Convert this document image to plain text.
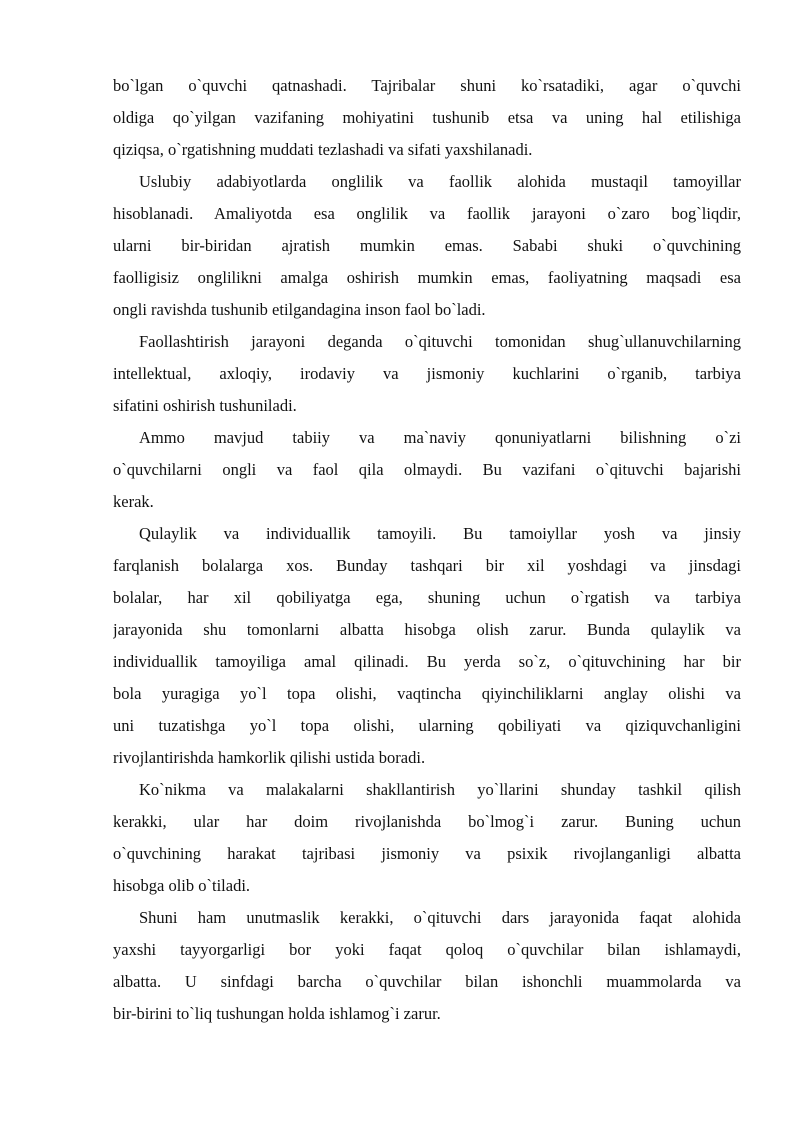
bo`lgan o`quvchi qatnashadi. Tajribalar shuni ko`rsatadiki, agar o`quvchi
oldiga qo`yilgan vazifaning mohiyatini tushunib etsa va uning hal etilishiga
qiziqsa, o`rgatishning muddati tezlashadi va sifati yaxshilanadi.
Uslubiy adabiyotlarda onglilik va faollik alohida mustaqil tamoyillar
hisoblanadi. Amaliyotda esa onglilik va faollik jarayoni o`zaro bog`liqdir,
ularni bir-biridan ajratish mumkin emas. Sababi shuki o`quvchining
faolligisiz onglilikni amalga oshirish mumkin emas, faoliyatning maqsadi esa
ongli ravishda tushunib etilgandagina inson faol bo`ladi.
Faollashtirish jarayoni deganda o`qituvchi tomonidan shug`ullanuvchilarning
intellektual, axloqiy, irodaviy va jismoniy kuchlarini o`rganib, tarbiya
sifatini oshirish tushuniladi.
Ammo mavjud tabiiy va ma`naviy qonuniyatlarni bilishning o`zi
o`quvchilarni ongli va faol qila olmaydi. Bu vazifani o`qituvchi bajarishi
kerak.
Qulaylik va individuallik tamoyili. Bu tamoiyllar yosh va jinsiy
farqlanish bolalarga xos. Bunday tashqari bir xil yoshdagi va jinsdagi
bolalar, har xil qobiliyatga ega, shuning uchun o`rgatish va tarbiya
jarayonida shu tomonlarni albatta hisobga olish zarur. Bunda qulaylik va
individuallik tamoyiliga amal qilinadi. Bu yerda so`z, o`qituvchining har bir
bola yuragiga yo`l topa olishi, vaqtincha qiyinchiliklarni anglay olishi va
uni tuzatishga yo`l topa olishi, ularning qobiliyati va qiziquvchanligini
rivojlantirishda hamkorlik qilishi ustida boradi.
Ko`nikma va malakalarni shakllantirish yo`llarini shunday tashkil qilish
kerakki, ular har doim rivojlanishda bo`lmog`i zarur. Buning uchun
o`quvchining harakat tajribasi jismoniy va psixik rivojlanganligi albatta
hisobga olib o`tiladi.
Shuni ham unutmaslik kerakki, o`qituvchi dars jarayonida faqat alohida
yaxshi tayyorgarligi bor yoki faqat qoloq o`quvchilar bilan ishlamaydi,
albatta. U sinfdagi barcha o`quvchilar bilan ishonchli muammolarda va
bir-birini to`liq tushungan holda ishlamog`i zarur.
